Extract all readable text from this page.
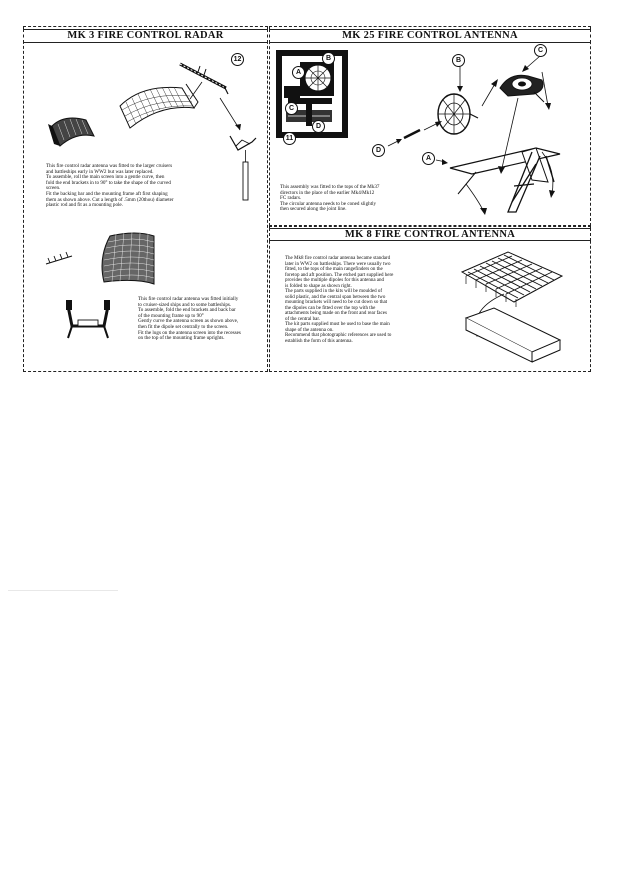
MK 3 FIRE CONTROL RADAR
12

This fire control radar antenna was fitted to the larger cruisers

and battleships early in WW2 but was later replaced.

To assemble, roll the main screen into a gentle curve, then

fold the end brackets in to 90° to take the shape of the curved

screen.

Fit the backing bar and the mounting frame aft first shaping

them as shown above. Cut a length of .5mm (20thou) diameter

plastic rod and fit as a mounting pole.

This fire control radar antenna was fitted initially

to cruiser-sized ships and to some battleships.

To assemble, fold the end brackets and back bar

of the mounting frame up to 90°

Gently curve the antenna screen as shown above,

then fit the dipole set centrally to the screen.

Fit the lugs on the antenna screen into the recesses

on the top of the mounting frame uprights.

MK 25 FIRE CONTROL ANTENNA
A
B
C
D
11
B
C
D
A

This assembly was fitted to the tops of the Mk37

directors in the place of the earlier Mk4/Mk12

FC radars.

The circular antenna needs to be coned slightly

then secured along the joint line.

MK 8 FIRE CONTROL ANTENNA

The Mk8 fire control radar antenna became standard

later in WW2 on battleships. There were usually two

fitted, to the tops of the main rangefinders on the

foretop and aft position. The etched part supplied here

provides the multiple dipoles for this antenna and

is folded to shape as shown right.

The parts supplied in the kits will be moulded of

solid plastic, and the central span between the two

mounting brackets will need to be cut down so that

the dipoles can be fitted over the top with the

attachments being made on the front and rear faces

of the central bar.

The kit parts supplied must be used to base the main

shape of the antenna on.

Recommend that photographic references are used to

establish the form of this antenna.
